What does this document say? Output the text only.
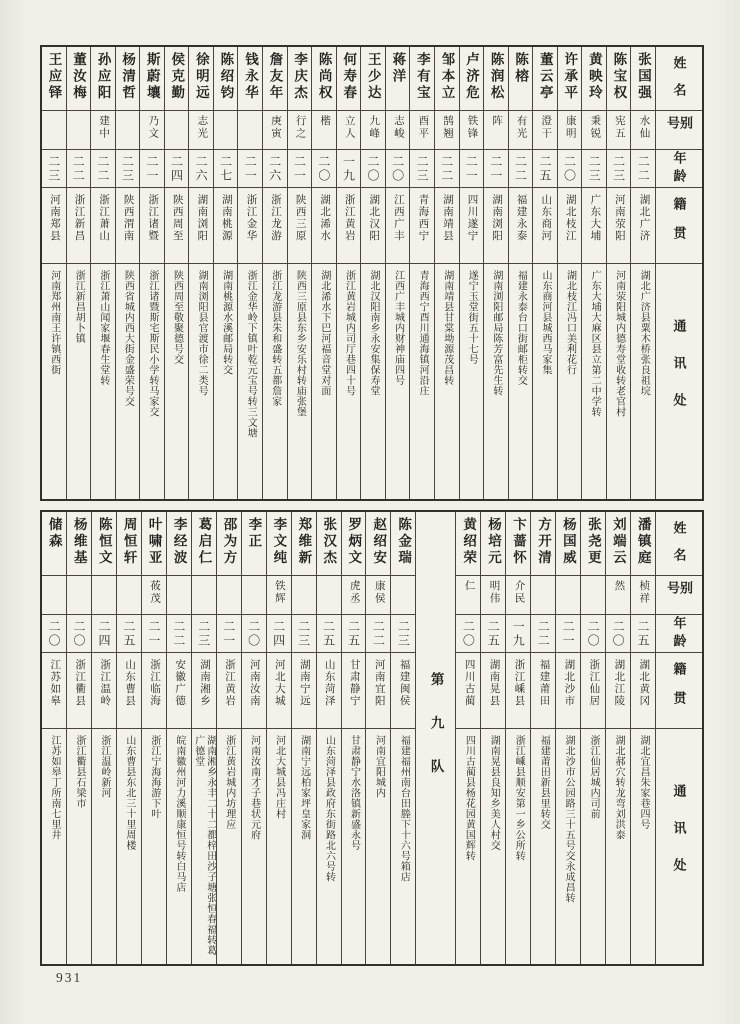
姓名
别号
年龄
籍贯
通讯处
张国强
水仙
二二
湖北广济
湖北广济县粟木桥张良祖垸
陈宝权
宪五
二三
河南荥阳
河南荥阳城内德寿堂收转老官村
黄映玲
秉锐
二三
广东大埔
广东大埔大麻区县立第二中学转
许承平
康明
二〇
湖北枝江
湖北枝江冯口美利花行
董云亭
澄干
二五
山东商河
山东商河县城西马家集
陈榕
有光
二二
福建永泰
福建永泰台口街邮柜转交
陈润松
阵
二一
湖南浏阳
湖南浏阳邮局陈芳富先生转
卢济危
铁锋
二一
四川遂宁
遂宁玉堂街五十七号
邹本立
鹄翘
二二
湖南靖县
湖南靖县甘棠坳源茂昌转
李有宝
酉平
二三
青海西宁
青海西宁酉川通海镇河沿庄
蒋洋
志峻
二〇
江西广丰
江西广丰城内财神庙四号
王少达
九峰
二〇
湖北汉阳
湖北汉阳南乡永安集保寿堂
何寿春
立人
一九
浙江黄岩
浙江黄岩城内司厅巷四十号
陈尚权
楷
二〇
湖北浠水
湖北浠水下巴河福音堂对面
李庆杰
行之
二一
陕西三原
陕西三原县东乡安乐村转庙张堡
詹友年
庚寅
二六
浙江龙游
浙江龙游县朱和盛转五都詹家
钱永华
二一
浙江金华
浙江金华岭下镇叶乾元宝号转三文塘
陈绍钧
二七
湖南桃源
湖南桃源水溪邮局转交
徐明远
志光
二六
湖南浏阳
湖南浏阳县官渡市徐二类号
侯克勤
二四
陕西周至
陕西周至敬聚德号交
斯蔚壤
乃文
二一
浙江诸暨
浙江诸暨斯宅斯民小学转马家交
杨清哲
二三
陕西渭南
陕西省城内西大街金盛荣号交
孙应阳
建中
二二
浙江萧山
浙江萧山闻家堰春生堂转
董汝梅
二二
浙江新昌
浙江新昌胡卜镇
王应铎
二三
河南郑县
河南郑州南王许镇西街
姓名
别号
年龄
籍贯
通讯处
潘镇庭
桢祥
二五
湖北黄冈
湖北宜昌朱家巷四号
刘端云
然
二〇
湖北江陵
湖北郝穴转龙弯刘洪泰
张尧更
二〇
浙江仙居
浙江仙居城内司前
杨国威
二一
湖北沙市
湖北沙市公园路三十五号交永成昌转
方开清
二二
福建莆田
福建莆田新县里转交
卞蔷怀
介民
一九
浙江嵊县
浙江嵊县顺安第一乡公所转
杨培元
明伟
二五
湖南晃县
湖南晃县良知乡美人村交
黄绍荣
仁
二〇
四川古蔺
四川古蔺县杨花园黄国辉转
第九队
陈金瑞
二三
福建闽侯
福建福州南台田塍下十六号箱店
赵绍安
康侯
二二
河南宜阳
河南宜阳城内
罗炳文
虎丞
二五
甘肃静宁
甘肃静宁水洛镇新盛永号
张汉杰
二五
山东菏泽
山东菏泽县政府东街路北六号转
郑维新
二三
湖南宁远
湖南宁远柏家坪皇家洞
李文纯
铁辉
二四
河北大城
河北大城县冯庄村
李正
二〇
河南汝南
河南汝南才子巷状元府
邵为方
二一
浙江黄岩
浙江黄岩城内坊理应
葛启仁
二三
湖南湘乡
湖南湘乡永丰二十二都梓田沙子塘张恒春福转葛广德堂
李经波
二二
安徽广德
皖南徽州河力溪顺康恒号转白马店
叶啸亚
莜茂
二一
浙江临海
浙江宁海海游下叶
周恒轩
二五
山东曹县
山东曹县东北三十里周楼
陈恒文
二四
浙江温岭
浙江温岭新河
杨维基
二〇
浙江衢县
浙江衢县石梁市
储森
二〇
江苏如皋
江苏如皋丁所南七里井
931
